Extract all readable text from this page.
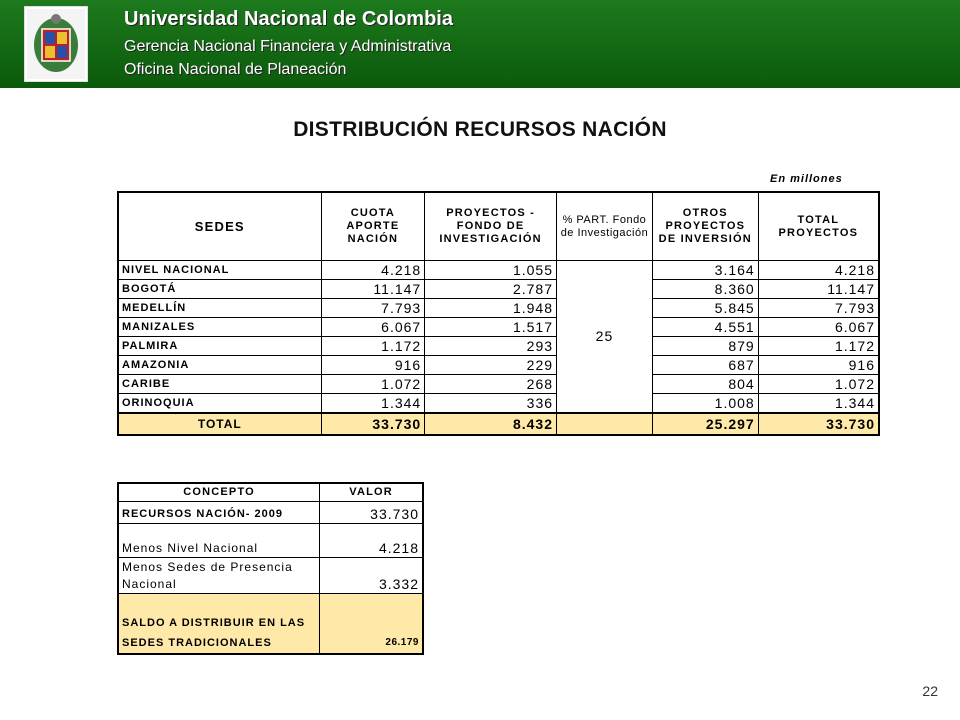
Universidad Nacional de Colombia
Gerencia Nacional Financiera y Administrativa
Oficina Nacional de Planeación
DISTRIBUCIÓN RECURSOS NACIÓN
En millones
SEDES	CUOTA APORTE NACIÓN	PROYECTOS - FONDO DE INVESTIGACIÓN	% PART. Fondo de Investigación	OTROS PROYECTOS DE INVERSIÓN	TOTAL PROYECTOS
NIVEL NACIONAL	4.218	1.055	25	3.164	4.218
BOGOTÁ	11.147	2.787		8.360	11.147
MEDELLÍN	7.793	1.948		5.845	7.793
MANIZALES	6.067	1.517		4.551	6.067
PALMIRA	1.172	293		879	1.172
AMAZONIA	916	229		687	916
CARIBE	1.072	268		804	1.072
ORINOQUIA	1.344	336		1.008	1.344
TOTAL	33.730	8.432		25.297	33.730
CONCEPTO	VALOR
RECURSOS NACIÓN- 2009	33.730
Menos Nivel Nacional	4.218
Menos Sedes de Presencia Nacional	3.332
SALDO A DISTRIBUIR EN LAS SEDES TRADICIONALES	26.179
22
